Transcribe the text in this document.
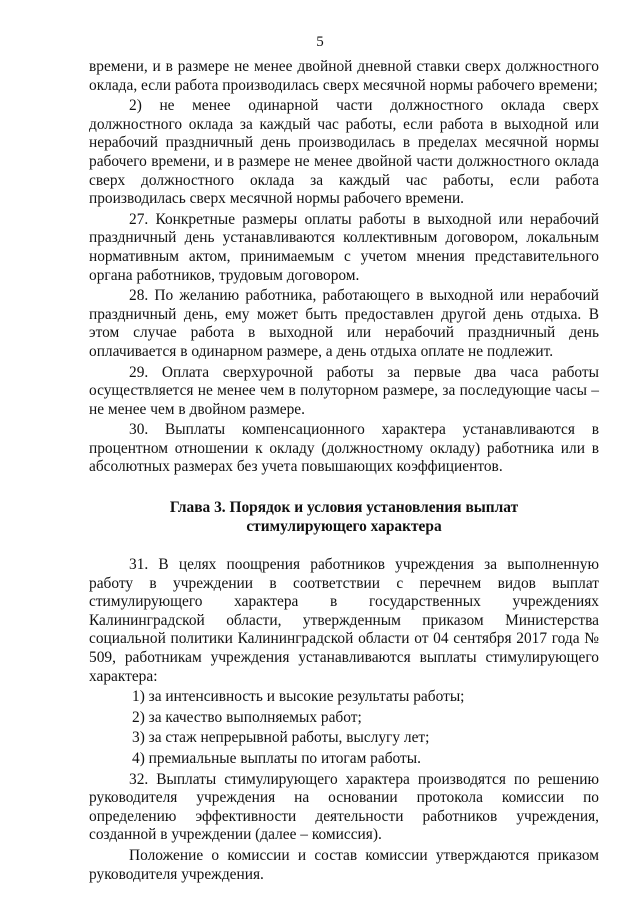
5

времени, и в размере не менее двойной дневной ставки сверх должностного оклада, если работа производилась сверх месячной нормы рабочего времени;

2) не менее одинарной части должностного оклада сверх должностного оклада за каждый час работы, если работа в выходной или нерабочий праздничный день производилась в пределах месячной нормы рабочего времени, и в размере не менее двойной части должностного оклада сверх должностного оклада за каждый час работы, если работа производилась сверх месячной нормы рабочего времени.

27. Конкретные размеры оплаты работы в выходной или нерабочий праздничный день устанавливаются коллективным договором, локальным нормативным актом, принимаемым с учетом мнения представительного органа работников, трудовым договором.

28. По желанию работника, работающего в выходной или нерабочий праздничный день, ему может быть предоставлен другой день отдыха. В этом случае работа в выходной или нерабочий праздничный день оплачивается в одинарном размере, а день отдыха оплате не подлежит.

29. Оплата сверхурочной работы за первые два часа работы осуществляется не менее чем в полуторном размере, за последующие часы – не менее чем в двойном размере.

30. Выплаты компенсационного характера устанавливаются в процентном отношении к окладу (должностному окладу) работника или в абсолютных размерах без учета повышающих коэффициентов.

Глава 3. Порядок и условия установления выплат
стимулирующего характера

31. В целях поощрения работников учреждения за выполненную работу в учреждении в соответствии с перечнем видов выплат стимулирующего характера в государственных учреждениях Калининградской области, утвержденным приказом Министерства социальной политики Калининградской области от 04 сентября 2017 года № 509, работникам учреждения устанавливаются выплаты стимулирующего характера:

1) за интенсивность и высокие результаты работы;
2) за качество выполняемых работ;
3) за стаж непрерывной работы, выслугу лет;
4) премиальные выплаты по итогам работы.

32. Выплаты стимулирующего характера производятся по решению руководителя учреждения на основании протокола комиссии по определению эффективности деятельности работников учреждения, созданной в учреждении (далее – комиссия).

Положение о комиссии и состав комиссии утверждаются приказом руководителя учреждения.
